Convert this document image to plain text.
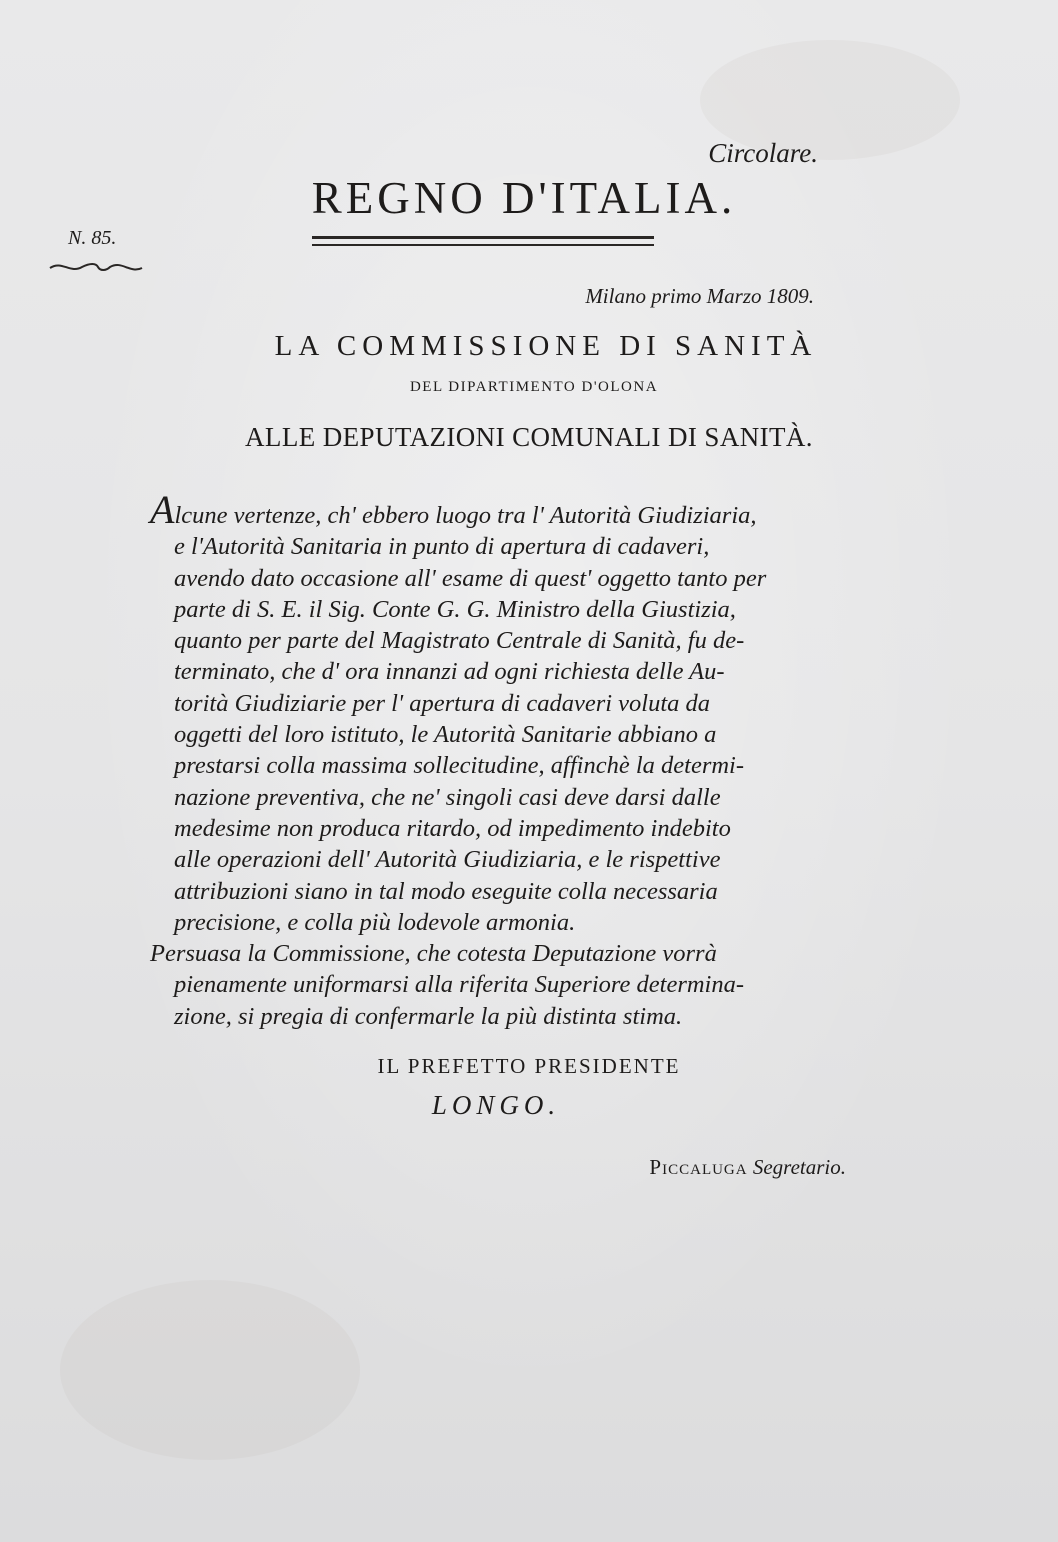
Circolare.

REGNO D'ITALIA.

N. 85.

Milano primo Marzo 1809.

LA COMMISSIONE DI SANITÀ

DEL DIPARTIMENTO D'OLONA

ALLE DEPUTAZIONI COMUNALI DI SANITÀ.
Alcune vertenze, ch' ebbero luogo tra l' Autorità Giudiziaria,
e l'Autorità Sanitaria in punto di apertura di cadaveri,
avendo dato occasione all' esame di quest' oggetto tanto per
parte di S. E. il Sig. Conte G. G. Ministro della Giustizia,
quanto per parte del Magistrato Centrale di Sanità, fu de-
terminato, che d' ora innanzi ad ogni richiesta delle Au-
torità Giudiziarie per l' apertura di cadaveri voluta da
oggetti del loro istituto, le Autorità Sanitarie abbiano a
prestarsi colla massima sollecitudine, affinchè la determi-
nazione preventiva, che ne' singoli casi deve darsi dalle
medesime non produca ritardo, od impedimento indebito
alle operazioni dell' Autorità Giudiziaria, e le rispettive
attribuzioni siano in tal modo eseguite colla necessaria
precisione, e colla più lodevole armonia.
Persuasa la Commissione, che cotesta Deputazione vorrà
pienamente uniformarsi alla riferita Superiore determina-
zione, si pregia di confermarle la più distinta stima.

IL PREFETTO PRESIDENTE

LONGO.

Piccaluga Segretario.
